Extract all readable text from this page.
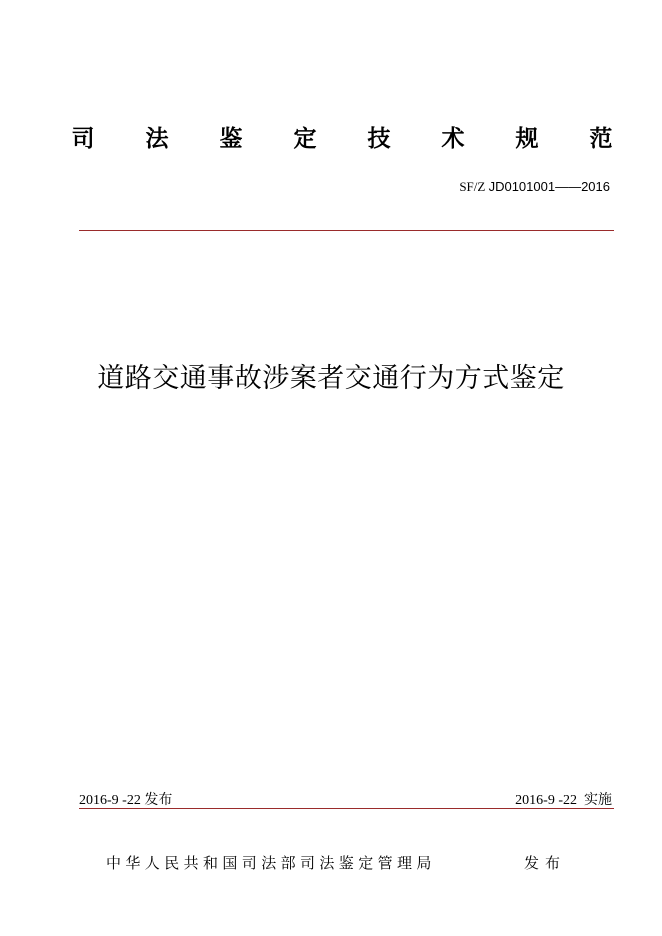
司 法 鉴 定 技 术 规 范
SF/Z JD0101001——2016
道路交通事故涉案者交通行为方式鉴定
2016-9 -22 发布	2016-9 -22  实施
中华人民共和国司法部司法鉴定管理局	发布
